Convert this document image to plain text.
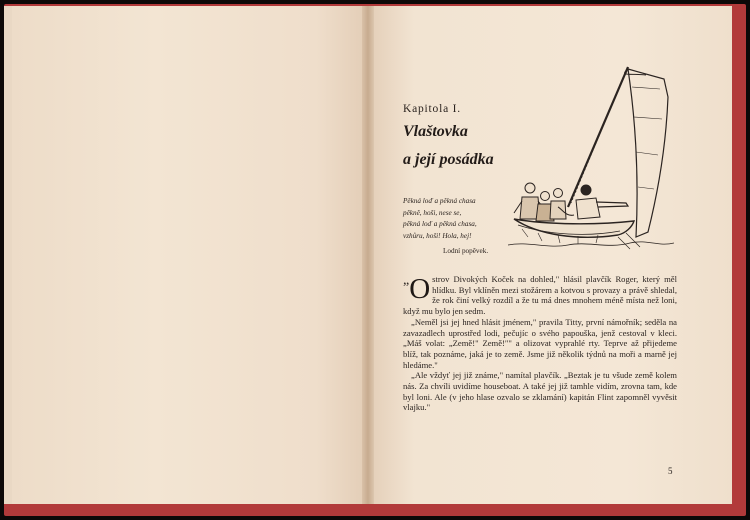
Kapitola I.
Vlaštovka
a její posádka
Pěkná loď a pěkná chasa
pěkně, hoši, nese se,
pěkná loď a pěkná chasa,
vzhůru, hoši! Hola, hej!
Lodní popěvek.

„ O strov Divokých Koček na dohled," hlásil plavčík Roger, který měl hlídku. Byl vklíněn mezi stožárem a kotvou s provazy a právě shledal, že rok činí velký rozdíl a že tu má dnes mnohem méně místa než loni, když mu bylo jen sedm.

„Neměl jsi jej hned hlásit jménem," pravila Titty, první námořník; seděla na zavazadlech uprostřed lodi, pečujíc o svého papouška, jenž cestoval v kleci. „Máš volat: „Země!" Země!"" a olizovat vyprahlé rty. Teprve až přijedeme blíž, tak poznáme, jaká je to země. Jsme již několik týdnů na moři a marně jej hledáme."

„Ale vždyť jej již známe," namítal plavčík. „Beztak je tu všude země kolem nás. Za chvíli uvidíme houseboat. A také jej již tamhle vidím, zrovna tam, kde byl loni. Ale (v jeho hlase ozvalo se zklamání) kapitán Flint zapomněl vyvěsit vlajku."

5
